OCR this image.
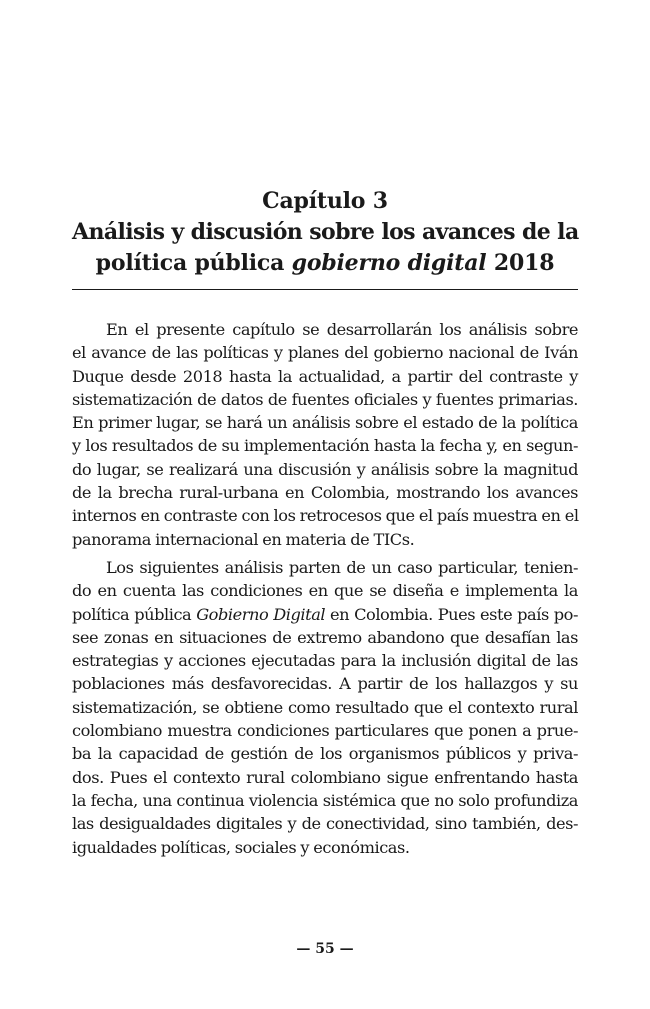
Capítulo 3
Análisis y discusión sobre los avances de la
política pública gobierno digital 2018
En el presente capítulo se desarrollarán los análisis sobre
el avance de las políticas y planes del gobierno nacional de Iván
Duque desde 2018 hasta la actualidad, a partir del contraste y
sistematización de datos de fuentes oficiales y fuentes primarias.
En primer lugar, se hará un análisis sobre el estado de la política
y los resultados de su implementación hasta la fecha y, en segun-
do lugar, se realizará una discusión y análisis sobre la magnitud
de la brecha rural-urbana en Colombia, mostrando los avances
internos en contraste con los retrocesos que el país muestra en el
panorama internacional en materia de TICs.
Los siguientes análisis parten de un caso particular, tenien-
do en cuenta las condiciones en que se diseña e implementa la
política pública Gobierno Digital en Colombia. Pues este país po-
see zonas en situaciones de extremo abandono que desafían las
estrategias y acciones ejecutadas para la inclusión digital de las
poblaciones más desfavorecidas. A partir de los hallazgos y su
sistematización, se obtiene como resultado que el contexto rural
colombiano muestra condiciones particulares que ponen a prue-
ba la capacidad de gestión de los organismos públicos y priva-
dos. Pues el contexto rural colombiano sigue enfrentando hasta
la fecha, una continua violencia sistémica que no solo profundiza
las desigualdades digitales y de conectividad, sino también, des-
igualdades políticas, sociales y económicas.
— 55 —
